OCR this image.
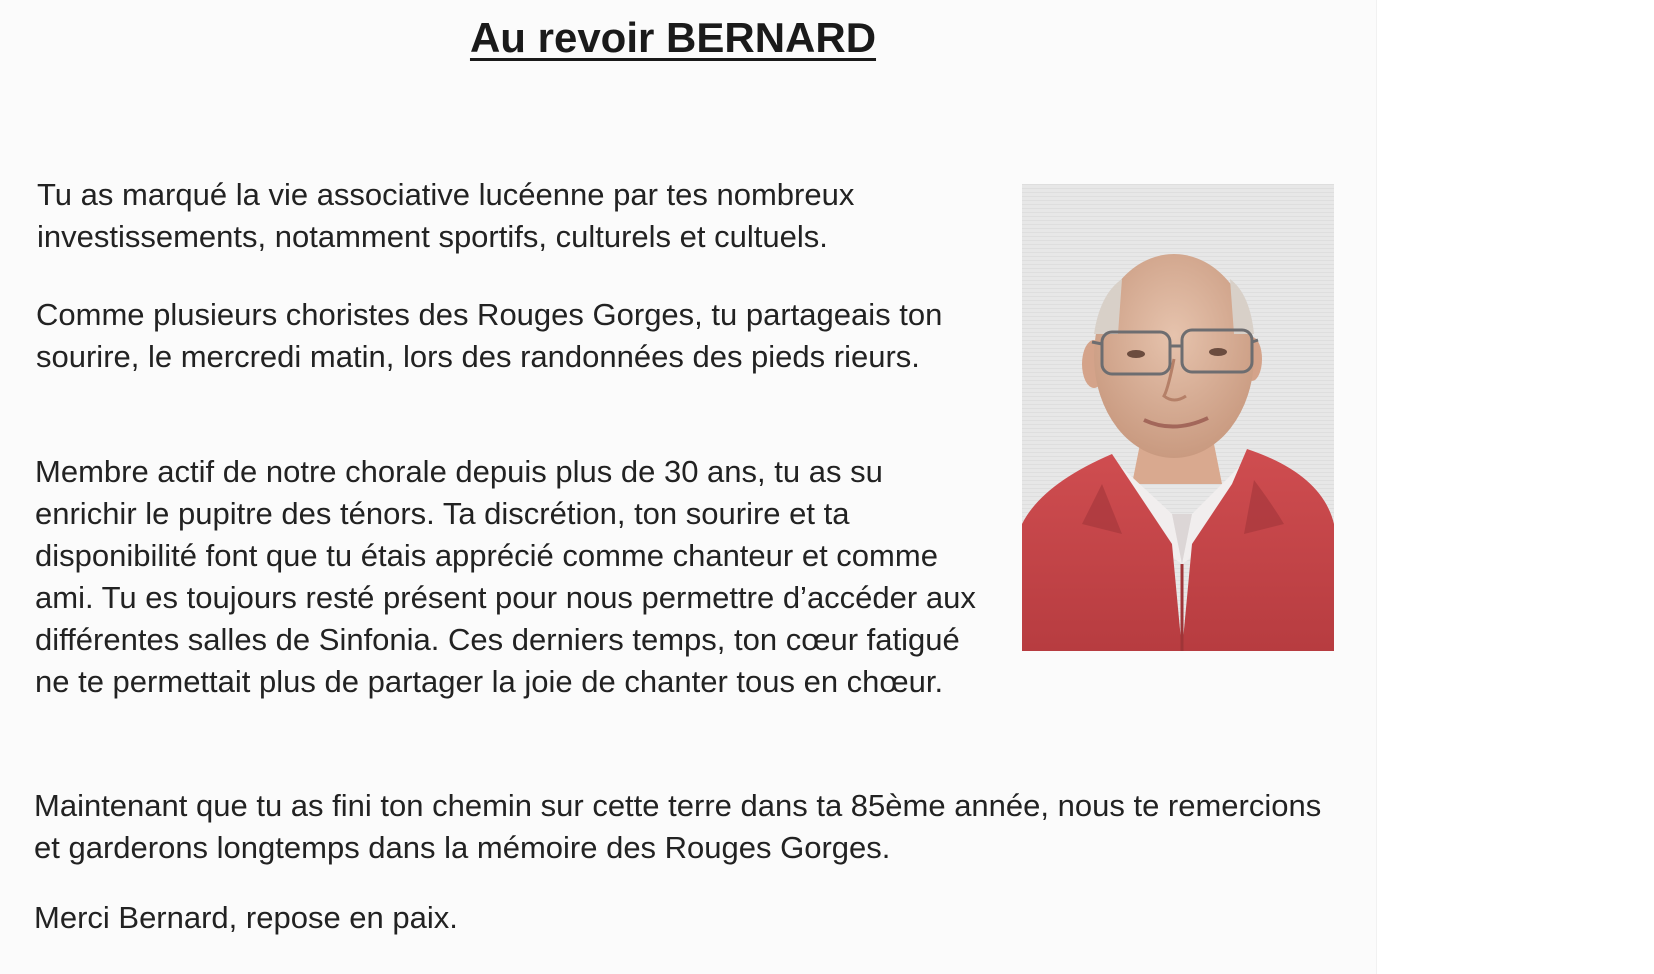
Au revoir BERNARD

Tu as marqué la vie associative lucéenne par tes nombreux investissements, notamment sportifs, culturels et cultuels.

Comme plusieurs choristes des Rouges Gorges, tu partageais ton sourire, le mercredi matin, lors des randonnées des pieds rieurs.

Membre actif de notre chorale depuis plus de 30 ans, tu as su enrichir le pupitre des ténors. Ta discrétion, ton sourire et ta disponibilité font que tu étais apprécié comme chanteur et comme ami. Tu es toujours resté présent pour nous permettre d’accéder aux différentes salles de Sinfonia. Ces derniers temps, ton cœur fatigué ne te permettait plus de partager la joie de chanter tous en chœur.

Maintenant que tu as fini ton chemin sur cette terre dans ta 85ème année, nous te remercions et garderons longtemps dans la mémoire des Rouges Gorges.

Merci Bernard, repose en paix.
